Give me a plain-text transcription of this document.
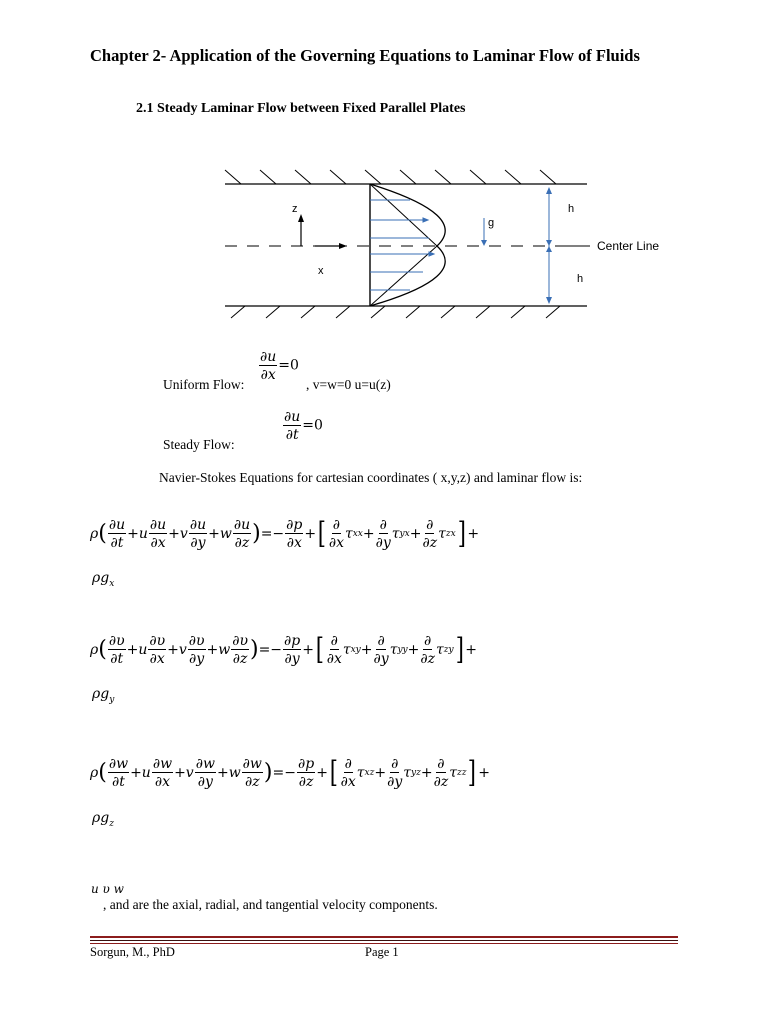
Chapter 2- Application of the Governing Equations to Laminar Flow of Fluids
2.1 Steady Laminar Flow between Fixed Parallel Plates
z
x
g
h
h
Center Line
$\frac{\partial u}{\partial x} =0$
Uniform Flow:	, v=w=0 u=u(z)
$\frac{\partial u}{\partial t} =0$
Steady Flow:
Navier-Stokes Equations for cartesian coordinates ( x,y,z) and laminar flow is:
ρ ( $\frac{\partial u}{\partial t} + u \frac{\partial u}{\partial x} + v \frac{\partial u}{\partial y} + w \frac{\partial u}{\partial z}$ ) =− $\frac{\partial p}{\partial x}$ + [ $\frac{\partial}{\partial x}$ τ xx + $\frac{\partial}{\partial y}$ τ yx + $\frac{\partial}{\partial z}$ τ zx ] +
$\rho g_x$
ρ ( $\frac{\partial\upsilon}{\partial t} + u \frac{\partial\upsilon}{\partial x} + v \frac{\partial\upsilon}{\partial y} + w \frac{\partial\upsilon}{\partial z}$ ) =− $\frac{\partial p}{\partial y}$ + [ $\frac{\partial}{\partial x}$ τ xy + $\frac{\partial}{\partial y}$ τ yy + $\frac{\partial}{\partial z}$ τ zy ] +
$\rho g_y$
ρ ( $\frac{\partial w}{\partial t} + u \frac{\partial w}{\partial x} + v \frac{\partial w}{\partial y} + w \frac{\partial w}{\partial z}$ ) =− $\frac{\partial p}{\partial z}$ + [ $\frac{\partial}{\partial x}$ τ xz + $\frac{\partial}{\partial y}$ τ yz + $\frac{\partial}{\partial z}$ τ zz ] +
$\rho g_z$
u υ w
, and are the axial, radial, and tangential velocity components.
Sorgun, M., PhD	Page 1
